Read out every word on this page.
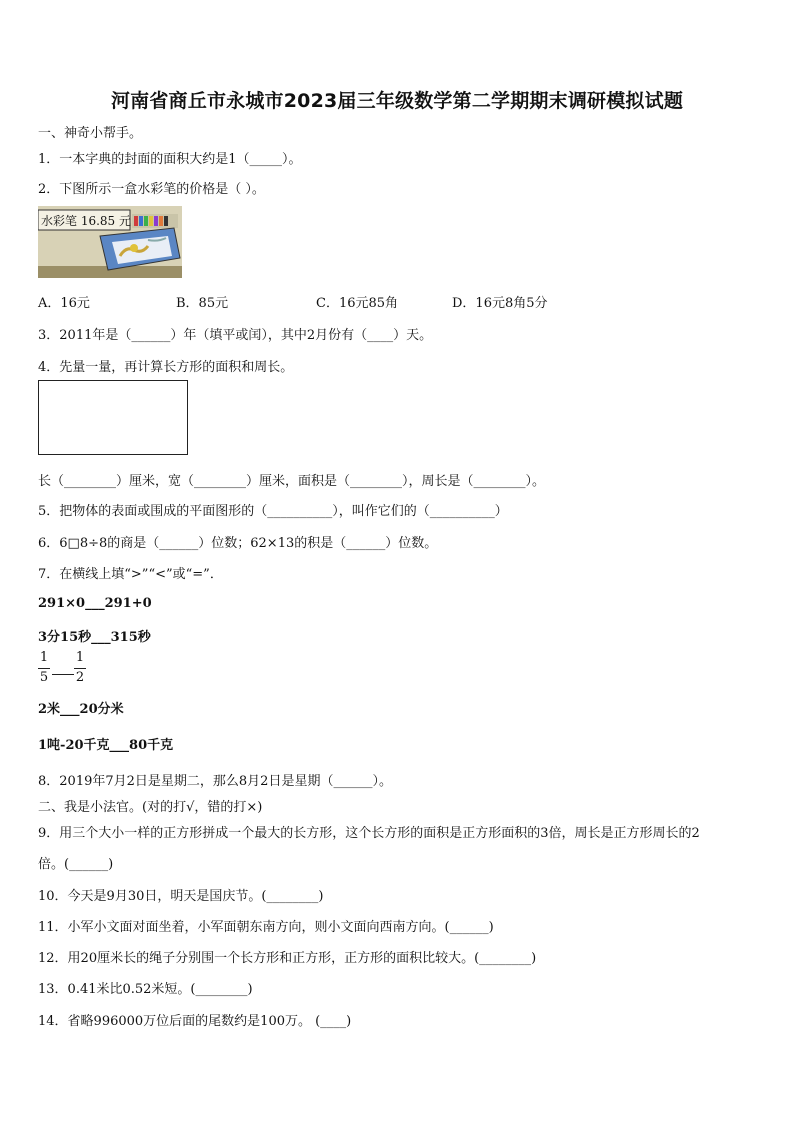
河南省商丘市永城市2023届三年级数学第二学期期末调研模拟试题
一、神奇小帮手。
1．一本字典的封面的面积大约是1（_____）。
2．下图所示一盒水彩笔的价格是（ ）。
水彩笔 16.85 元
A．16元	B．85元	C．16元85角	D．16元8角5分
3．2011年是（______）年（填平或闰），其中2月份有（____）天。
4．先量一量，再计算长方形的面积和周长。
长（________）厘米，宽（________）厘米，面积是（________），周长是（________）。
5．把物体的表面或围成的平面图形的（__________），叫作它们的（__________）
6．6□8÷8的商是（______）位数；62×13的积是（______）位数。
7．在横线上填“>”“<”或“=”．
291×0___291+0
3分15秒___315秒
1
5
1
2
2米___20分米
1吨-20千克___80千克
8．2019年7月2日是星期二，那么8月2日是星期（______）。
二、我是小法官。(对的打√，错的打×)
9．用三个大小一样的正方形拼成一个最大的长方形，这个长方形的面积是正方形面积的3倍，周长是正方形周长的2
倍。(______)
10．今天是9月30日，明天是国庆节。(________)
11．小军小文面对面坐着，小军面朝东南方向，则小文面向西南方向。(______)
12．用20厘米长的绳子分别围一个长方形和正方形，正方形的面积比较大。(________)
13．0.41米比0.52米短。(________)
14．省略996000万位后面的尾数约是100万。 (____)
